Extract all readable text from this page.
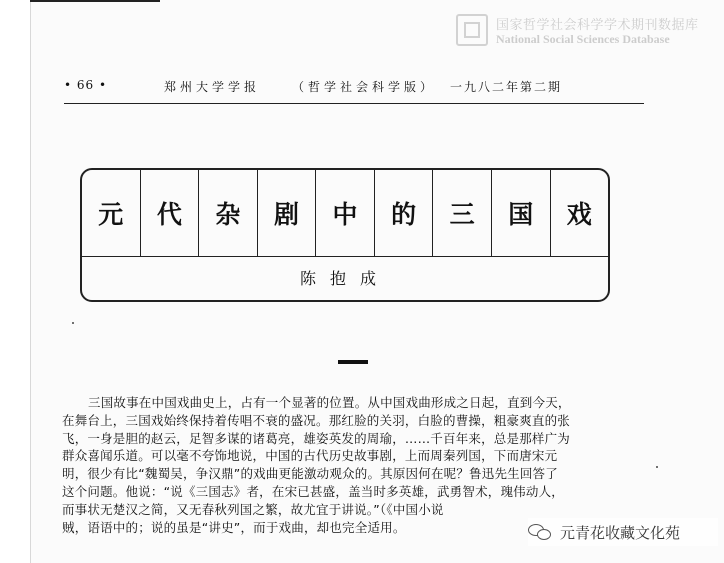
国家哲学社会科学学术期刊数据库
National Social Sciences Database
• 66 •	郑州大学学报	（哲学社会科学版） 一九八二年第二期
元	代	杂	剧	中	的	三	国	戏
陈抱成
三国故事在中国戏曲史上，占有一个显著的位置。从中国戏曲形成之日起，直到今天，
在舞台上，三国戏始终保持着传唱不衰的盛况。那红脸的关羽，白脸的曹操，粗豪爽直的张
飞，一身是胆的赵云，足智多谋的诸葛亮，雄姿英发的周瑜，……千百年来，总是那样广为
群众喜闻乐道。可以毫不夸饰地说，中国的古代历史故事剧，上而周秦列国，下而唐宋元
明，很少有比“魏蜀吴，争汉鼎”的戏曲更能激动观众的。其原因何在呢？鲁迅先生回答了
这个问题。他说：“说《三国志》者，在宋已甚盛，盖当时多英雄，武勇智术，瑰伟动人，
而事状无楚汉之简，又无春秋列国之繁，故尤宜于讲说。”（《中国小说
贼，语语中的；说的虽是“讲史”，而于戏曲，却也完全适用。	元青花收藏文化苑
